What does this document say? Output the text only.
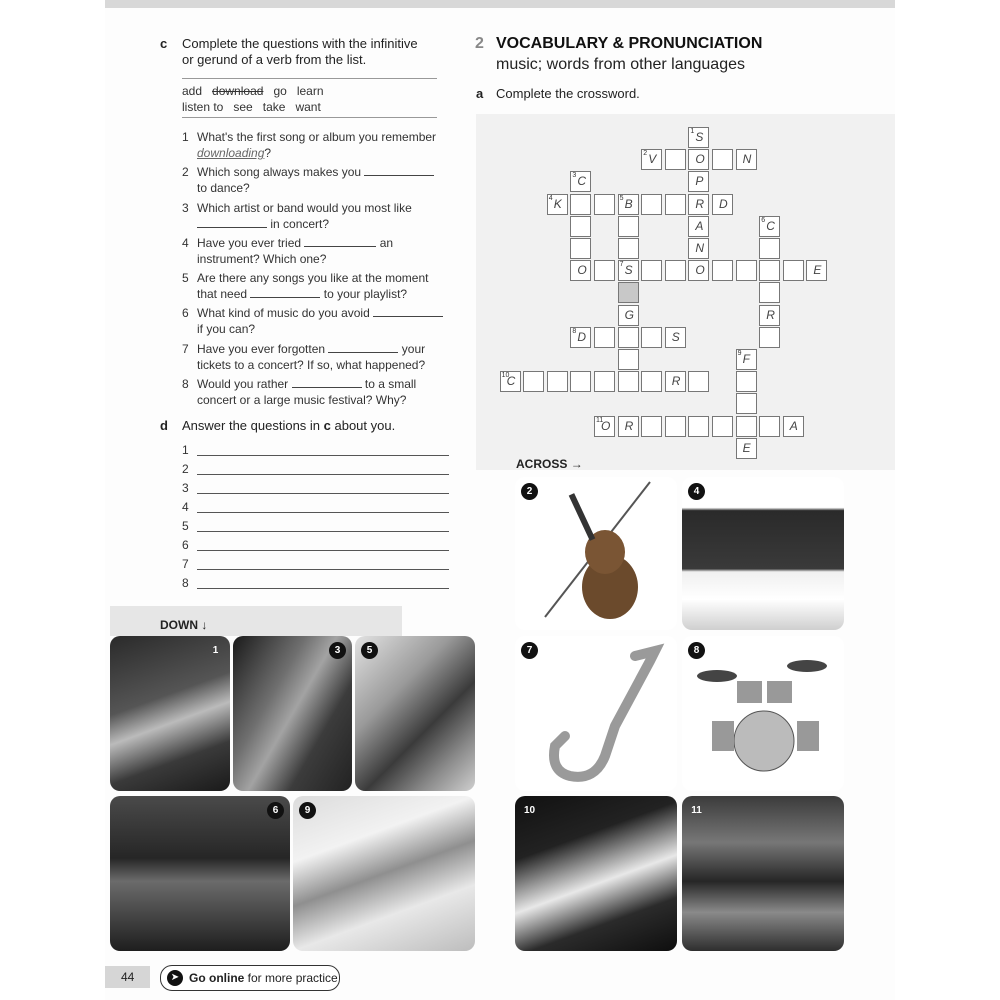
c Complete the questions with the infinitive
or gerund of a verb from the list.
add download go learn
listen to see take want
1 What's the first song or album you remember
downloading?
2 Which song always makes you
to dance?
3 Which artist or band would you most like
in concert?
4 Have you ever tried	an
instrument? Which one?
5 Are there any songs you like at the moment
that need	to your playlist?
6 What kind of music do you avoid
if you can?
7 Have you ever forgotten	your
tickets to a concert? If so, what happened?
8 Would you rather	to a small
concert or a large music festival? Why?
d Answer the questions in c about you.
1
2
3
4
5
6
7
8
2 VOCABULARY & PRONUNCIATION
music; words from other languages
a Complete the crossword.
1
2
3
4	5
6
7
8
9
10
11
S
V	O	N
C	P
K	B	R D
A	C
O
N
O
S	E
G	R
D	S
F
C	R
O R	A
E
ACROSS →
DOWN ↓
1	3	5
6	9
2	4
7	8
10	11
44	➤ Go online for more practice
